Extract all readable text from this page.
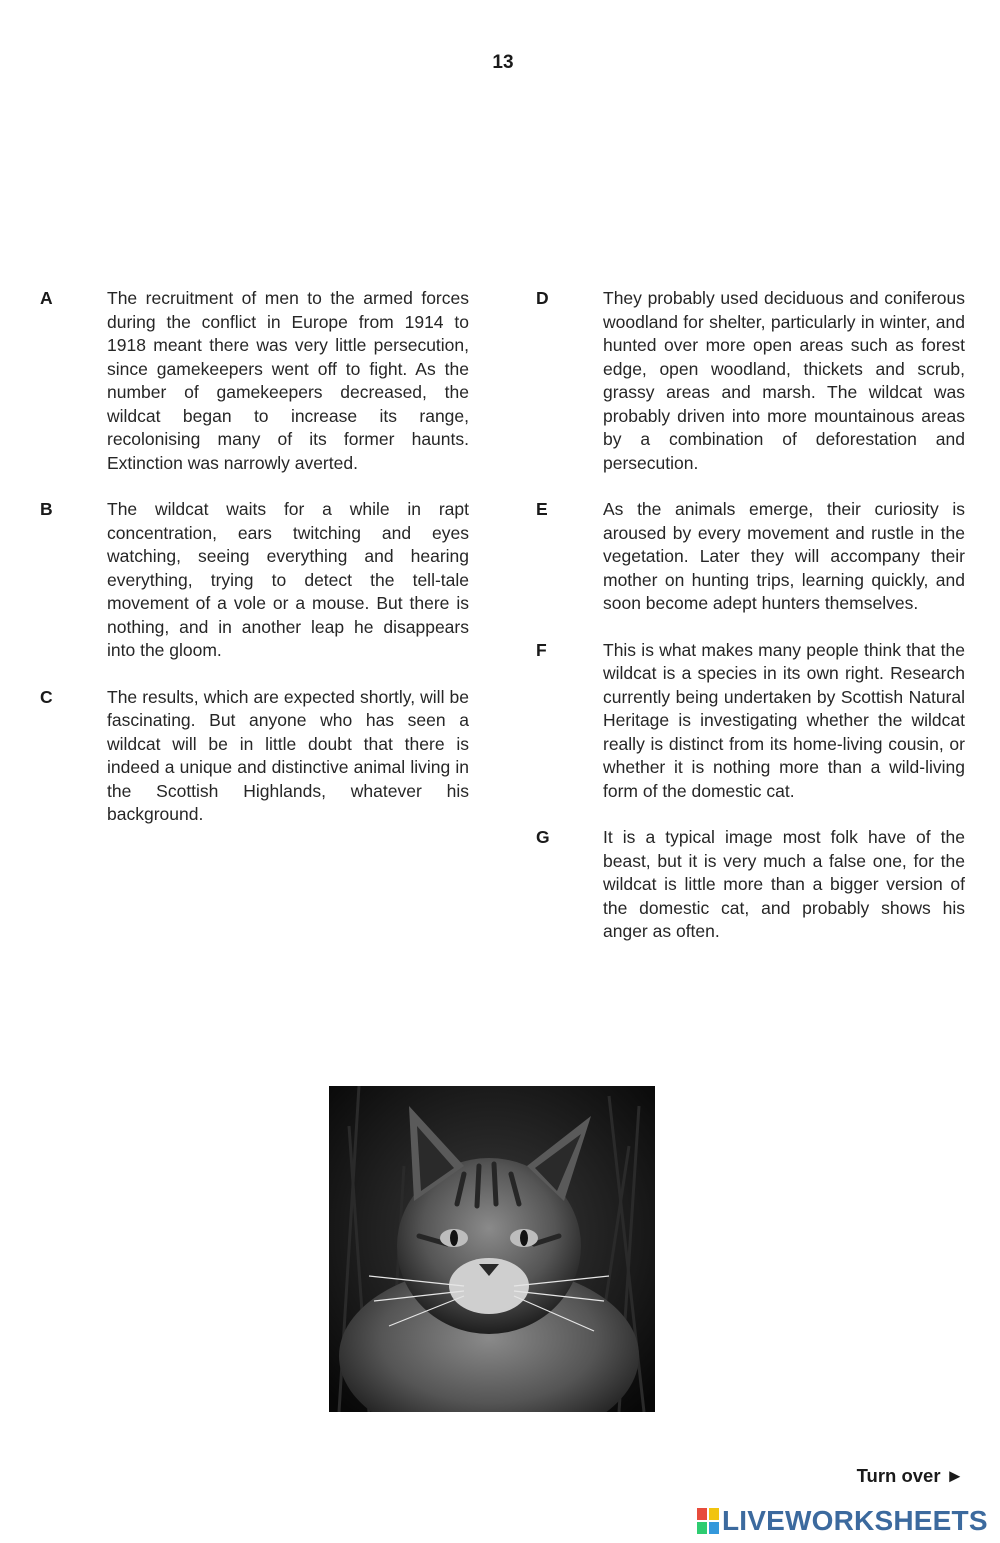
13
A	The recruitment of men to the armed forces during the conflict in Europe from 1914 to 1918 meant there was very little persecution, since gamekeepers went off to fight. As the number of gamekeepers decreased, the wildcat began to increase its range, recolonising many of its former haunts. Extinction was narrowly averted.
B	The wildcat waits for a while in rapt concentration, ears twitching and eyes watching, seeing everything and hearing everything, trying to detect the tell-tale movement of a vole or a mouse. But there is nothing, and in another leap he disappears into the gloom.
C	The results, which are expected shortly, will be fascinating. But anyone who has seen a wildcat will be in little doubt that there is indeed a unique and distinctive animal living in the Scottish Highlands, whatever his background.
D	They probably used deciduous and coniferous woodland for shelter, particularly in winter, and hunted over more open areas such as forest edge, open woodland, thickets and scrub, grassy areas and marsh. The wildcat was probably driven into more mountainous areas by a combination of deforestation and persecution.
E	As the animals emerge, their curiosity is aroused by every movement and rustle in the vegetation. Later they will accompany their mother on hunting trips, learning quickly, and soon become adept hunters themselves.
F	This is what makes many people think that the wildcat is a species in its own right. Research currently being undertaken by Scottish Natural Heritage is investigating whether the wildcat really is distinct from its home-living cousin, or whether it is nothing more than a wild-living form of the domestic cat.
G	It is a typical image most folk have of the beast, but it is very much a false one, for the wildcat is little more than a bigger version of the domestic cat, and probably shows his anger as often.
Turn over ►
LIVEWORKSHEETS
